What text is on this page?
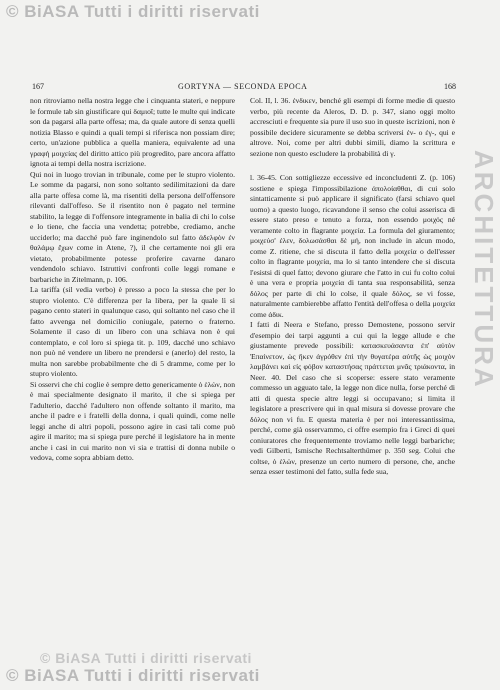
© BiASA Tutti i diritti riservati
ARCHITETTURA
167	GORTYNA — SECONDA EPOCA	168

non ritroviamo nella nostra legge che i cinquanta stateri, e neppure le formule tab sin giustificare qui δαμιοῖ; tutte le multe qui indicate son da pagarsi alla parte offesa; ma, da quale autore di senza quelli notizia Blasso e quindi a quali tempi si riferisca non possiam dire; certo, un'azione pubblica a quella maniera, equivalente ad una γραφή μοιχείας del diritto attico più progredito, pare ancora affatto ignota ai tempi della nostra iscrizione.

Qui noi in luogo trovian in tribunale, come per le stupro violento. Le somme da pagarsi, non sono soltanto sedilimitazioni da dare alla parte offesa come là, ma risentiti della persona dell'offensore rilevanti dall'offeso. Se il risentito non è pagato nel termine stabilito, la legge di l'offensore integramente in balia di chi lo colse e lo tiene, che faccia una vendetta; potrebbe, crediamo, anche ucciderlo; ma dacché può fare inginendolo sul fatto ἀδελφὸν ἐν θαλάμῳ ἔχων come in Atene, ?), il che certamente noi gli era vietato, probabilmente potesse proferire cavarne danaro vendendolo schiavo. Istruttivi confronti colle leggi romane e barbariche in Zitelmann, p. 106.

La tariffa (sil vedia verbo) è presso a poco la stessa che per lo stupro violento. C'è differenza per la libera, per la quale lì si pagano cento stateri in qualunque caso, qui soltanto nel caso che il fatto avvenga nel domicilio coniugale, paterno o fraterno. Solamente il caso di un libero con una schiava non è qui contemplato, e col loro si spiega tit. p. 109, dacché uno schiavo non può né vendere un libero ne prendersi e (anerlo) del resto, la multa non sarebbe probabilmente che di 5 dramme, come per lo stupro violento.

Si osservi che chi coglie è sempre detto genericamente ὁ ἑλών, non è mai specialmente designato il marito, il che si spiega per l'adulterio, dacché l'adultero non offende soltanto il marito, ma anche il padre e i fratelli della donna, i quali quindi, come nelle leggi anche di altri popoli, possono agire in casi tali come può agire il marito; ma si spiega pure perché il legislatore ha in mente anche i casi in cui marito non vi sia e trattisi di donna nubile o vedova, come sopra abbiam detto.

Col. II, l. 36. ἐνδικεν, benché gli esempi di forme medie di questo verbo, più recente da Aleros, D. D. p. 347, siano oggi molto accresciuti e frequente sia pure il uso suo in queste iscrizioni, non è possibile decidere sicuramente se debba scriversi ἐν- o ἐγ-, qui e altrove. Noi, come per altri dubbi simili, diamo la scrittura e sezione non questo escludere la probabilità di γ.

l. 36-45. Con sottigliezze eccessive ed inconcludenti Z. (p. 106) sostiene e spiega l'impossibilazione ἀπολοίαθθαι, di cui solo sintatticamente si può applicare il significato (farsi schiavo quel uomo) a questo luogo, ricavandone il senso che colui asserisca di essere stato preso e tenuto a forza, non essendo μοιχός né veramente colto in flagrante μοιχεία. La formula del giuramento; μοιχεύσ' ἐλεν, δολωσάσθαι δὲ μή, non include in alcun modo, come Z. ritiene, che si discuta il fatto della μοιχεία o dell'esser colto in flagrante μοιχεία, ma lo si tanto intendere che si discuta l'esistsi di quel fatto; devono giurare che l'atto in cui fu colto colui è una vera e propria μοιχεία di tanta sua responsabilità, senza δόλος per parte di chi lo colse, il quale δόλος, se vi fosse, naturalmente cambierebbe affatto l'entità dell'offesa o della μοιχεία come ἀδικ.

I fatti di Neera e Stefano, presso Demostene, possono servir d'esempio dei tarpi aggunti a cui qui la legge allude e che giustamente prevede possibili: κατασκευάσαντα ἐπ' αὐτὸν Ἐπαίνετον, ὡς ἥκεν ἀγρόθεν ἐπὶ τὴν θυγατέρα αὐτῆς ὡς μοιχὸν λαμβάνει καὶ εἰς φόβον καταστήσας πράττεται μνᾶς τριάκοντα, in Neer. 40. Del caso che si scoperse: essere stato veramente commesso un agguato tale, la legge non dice nulla, forse perché di atti di questa specie altre leggi si occupavano; si limita il legislatore a prescrivere qui in qual misura si dovesse provare che δόλος non vi fu. E questa materia è per noi interessantissima, perché, come già osservammo, ci offre esempio fra i Greci di quei coniuratores che frequentemente troviamo nelle leggi barbariche; vedi Gilberti, Ismische Rechtsalterthümer p. 350 seg. Colui che coltse, ὁ ἑλών, presenze un certo numero di persone, che, anche senza esser testimoni del fatto, sulla fede sua,

© BiASA Tutti i diritti riservati
© BiASA Tutti i diritti riservati
